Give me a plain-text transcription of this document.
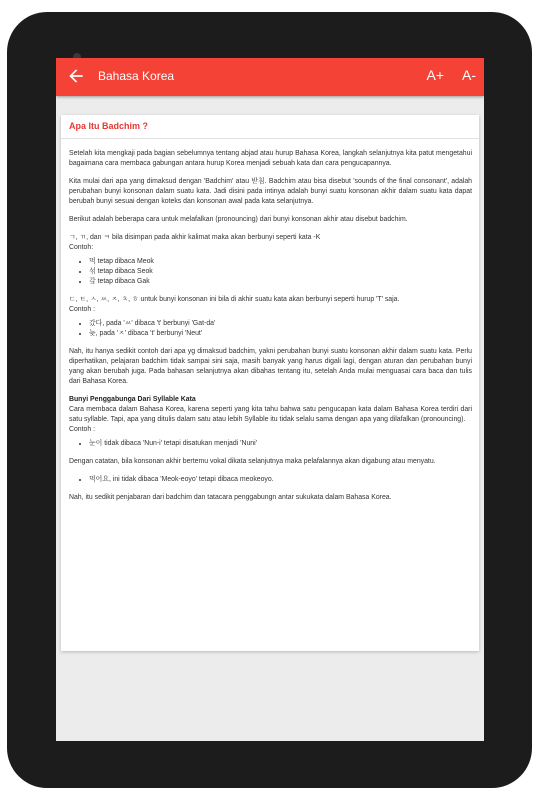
Bahasa Korea	A+ A-
Apa Itu Badchim ?

Setelah kita mengkaji pada bagian sebelumnya tentang abjad atau hurup Bahasa Korea, langkah selanjutnya kita patut mengetahui bagaimana cara membaca gabungan antara hurup Korea menjadi sebuah kata dan cara pengucapannya.

Kita mulai dari apa yang dimaksud dengan 'Badchim' atau 받침. Badchim atau bisa disebut 'sounds of the final consonant', adalah perubahan bunyi konsonan dalam suatu kata. Jadi disini pada intinya adalah bunyi suatu konsonan akhir dalam suatu kata dapat berubah bunyi sesuai dengan koteks dan konsonan awal pada kata selanjutnya.

Berikut adalah beberapa cara untuk melafalkan (pronouncing) dari bunyi konsonan akhir atau disebut badchim.

ㄱ, ㄲ, dan ㅋ bila disimpan pada akhir kalimat maka akan berbunyi seperti kata -K

Contoh:

• 먹 tetap dibaca Meok
• 섞 tetap dibaca Seok
• 갘 tetap dibaca Gak

ㄷ, ㅌ, ㅅ, ㅆ, ㅈ, ㅊ, ㅎ untuk bunyi konsonan ini bila di akhir suatu kata akan berbunyi seperti hurup 'T' saja.

Contoh :

• 갔다, pada 'ㅆ' dibaca 't' berbunyi 'Gat-da'
• 늦, pada 'ㅈ' dibaca 't' berbunyi 'Neut'

Nah, itu hanya sedikit contoh dari apa yg dimaksud badchim, yakni perubahan bunyi suatu konsonan akhir dalam suatu kata. Perlu diperhatikan, pelajaran badchim tidak sampai sini saja, masih banyak yang harus digali lagi, dengan aturan dan perubahan bunyi yang akan berubah juga. Pada bahasan selanjutnya akan dibahas tentang itu, setelah Anda mulai menguasai cara baca dan tulis dari Bahasa Korea.

Bunyi Penggabunga Dari Syllable Kata

Cara membaca dalam Bahasa Korea, karena seperti yang kita tahu bahwa satu pengucapan kata dalam Bahasa Korea terdiri dari satu syllable. Tapi, apa yang ditulis dalam satu atau lebih Syllable itu tidak selalu sama dengan apa yang dilafalkan (pronouncing).

Contoh :

• 눈이 tidak dibaca 'Nun-i' tetapi disatukan menjadi 'Nuni'

Dengan catatan, bila konsonan akhir bertemu vokal dikata selanjutnya maka pelafalannya akan digabung atau menyatu.

• 먹어요, ini tidak dibaca 'Meok-eoyo' tetapi dibaca meokeoyo.

Nah, itu sedikit penjabaran dari badchim dan tatacara penggabungn antar sukukata dalam Bahasa Korea.
